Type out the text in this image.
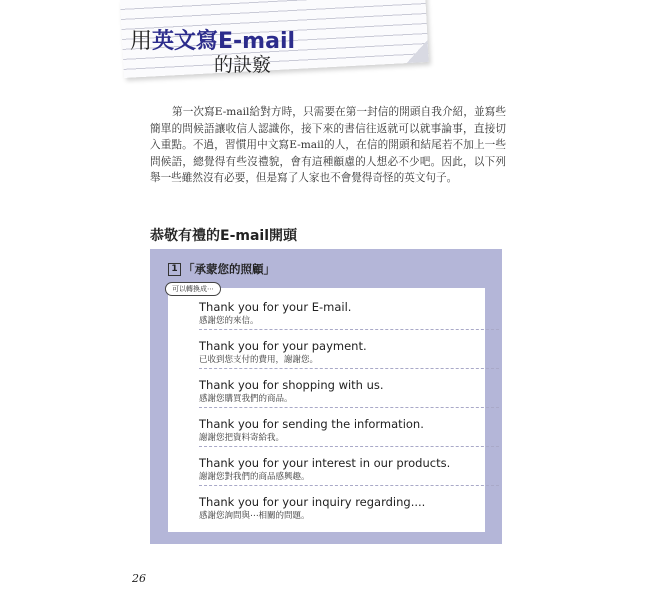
用英文寫E-mail
的訣竅

第一次寫E-mail給對方時，只需要在第一封信的開頭自我介紹，並寫些簡單的問候語讓收信人認識你，接下來的書信往返就可以就事論事，直接切入重點。不過，習慣用中文寫E-mail的人，在信的開頭和結尾若不加上一些問候語，總覺得有些沒禮貌，會有這種顧慮的人想必不少吧。因此，以下列舉一些雖然沒有必要，但是寫了人家也不會覺得奇怪的英文句子。

恭敬有禮的E-mail開頭
1 「承蒙您的照顧」
Thank you for your E-mail.
感謝您的來信。
Thank you for your payment.
已收到您支付的費用，謝謝您。
Thank you for shopping with us.
感謝您購買我們的商品。
Thank you for sending the information.
謝謝您把資料寄給我。
Thank you for your interest in our products.
謝謝您對我們的商品感興趣。
Thank you for your inquiry regarding....
感謝您詢問與⋯相關的問題。
可以轉換成⋯
26
